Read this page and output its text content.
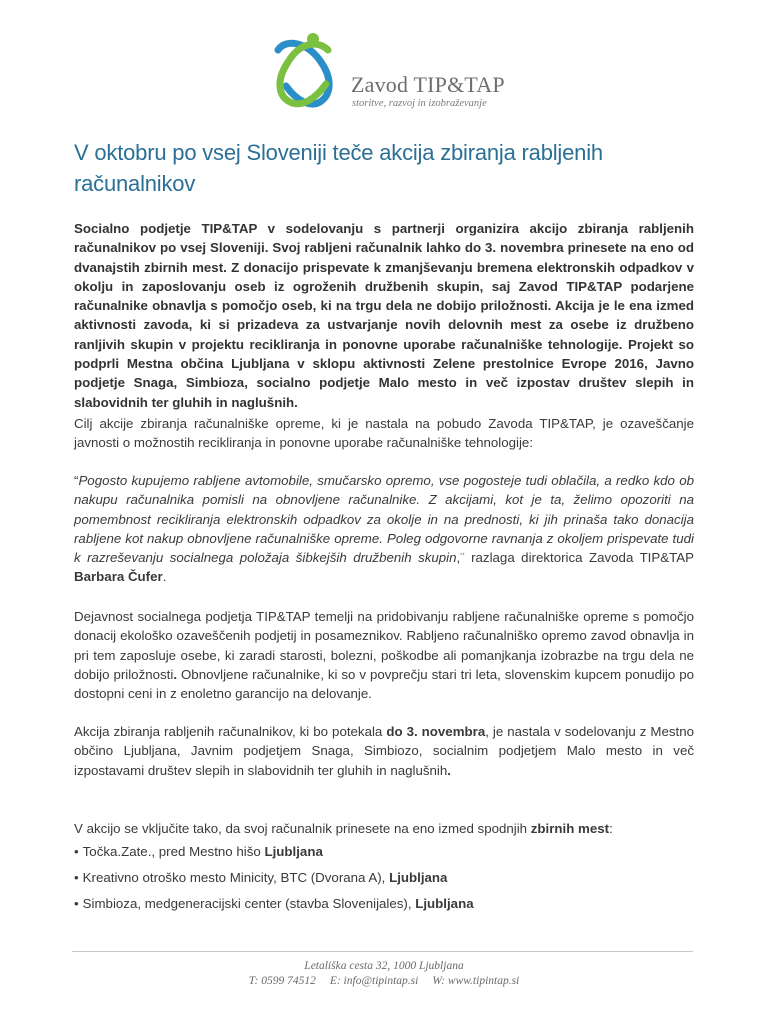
Zavod TIP&TAP
storitve, razvoj in izobraževanje
V oktobru po vsej Sloveniji teče akcija zbiranja rabljenih računalnikov

Socialno podjetje TIP&TAP v sodelovanju s partnerji organizira akcijo zbiranja rabljenih računalnikov po vsej Sloveniji. Svoj rabljeni računalnik lahko do 3. novembra prinesete na eno od dvanajstih zbirnih mest. Z donacijo prispevate k zmanjševanju bremena elektronskih odpadkov v okolju in zaposlovanju oseb iz ogroženih družbenih skupin, saj Zavod TIP&TAP podarjene računalnike obnavlja s pomočjo oseb, ki na trgu dela ne dobijo priložnosti. Akcija je le ena izmed aktivnosti zavoda, ki si prizadeva za ustvarjanje novih delovnih mest za osebe iz družbeno ranljivih skupin v projektu recikliranja in ponovne uporabe računalniške tehnologije. Projekt so podprli Mestna občina Ljubljana v sklopu aktivnosti Zelene prestolnice Evrope 2016, Javno podjetje Snaga, Simbioza, socialno podjetje Malo mesto in več izpostav društev slepih in slabovidnih ter gluhih in naglušnih.

Cilj akcije zbiranja računalniške opreme, ki je nastala na pobudo Zavoda TIP&TAP, je ozaveščanje javnosti o možnostih recikliranja in ponovne uporabe računalniške tehnologije:

“Pogosto kupujemo rabljene avtomobile, smučarsko opremo, vse pogosteje tudi oblačila, a redko kdo ob nakupu računalnika pomisli na obnovljene računalnike. Z akcijami, kot je ta, želimo opozoriti na pomembnost recikliranja elektronskih odpadkov za okolje in na prednosti, ki jih prinaša tako donacija rabljene kot nakup obnovljene računalniške opreme. Poleg odgovorne ravnanja z okoljem prispevate tudi k razreševanju socialnega položaja šibkejših družbenih skupin,¨ razlaga direktorica Zavoda TIP&TAP Barbara Čufer.

Dejavnost socialnega podjetja TIP&TAP temelji na pridobivanju rabljene računalniške opreme s pomočjo donacij ekološko ozaveščenih podjetij in posameznikov. Rabljeno računalniško opremo zavod obnavlja in pri tem zaposluje osebe, ki zaradi starosti, bolezni, poškodbe ali pomanjkanja izobrazbe na trgu dela ne dobijo priložnosti. Obnovljene računalnike, ki so v povprečju stari tri leta, slovenskim kupcem ponudijo po dostopni ceni in z enoletno garancijo na delovanje.

Akcija zbiranja rabljenih računalnikov, ki bo potekala do 3. novembra, je nastala v sodelovanju z Mestno občino Ljubljana, Javnim podjetjem Snaga, Simbiozo, socialnim podjetjem Malo mesto in več izpostavami društev slepih in slabovidnih ter gluhih in naglušnih.

V akcijo se vključite tako, da svoj računalnik prinesete na eno izmed spodnjih zbirnih mest:

• Točka.Zate., pred Mestno hišo Ljubljana
• Kreativno otroško mesto Minicity, BTC (Dvorana A), Ljubljana
• Simbioza, medgeneracijski center (stavba Slovenijales), Ljubljana
Letališka cesta 32, 1000 Ljubljana
T: 0599 74512 E: info@tipintap.si W: www.tipintap.si
